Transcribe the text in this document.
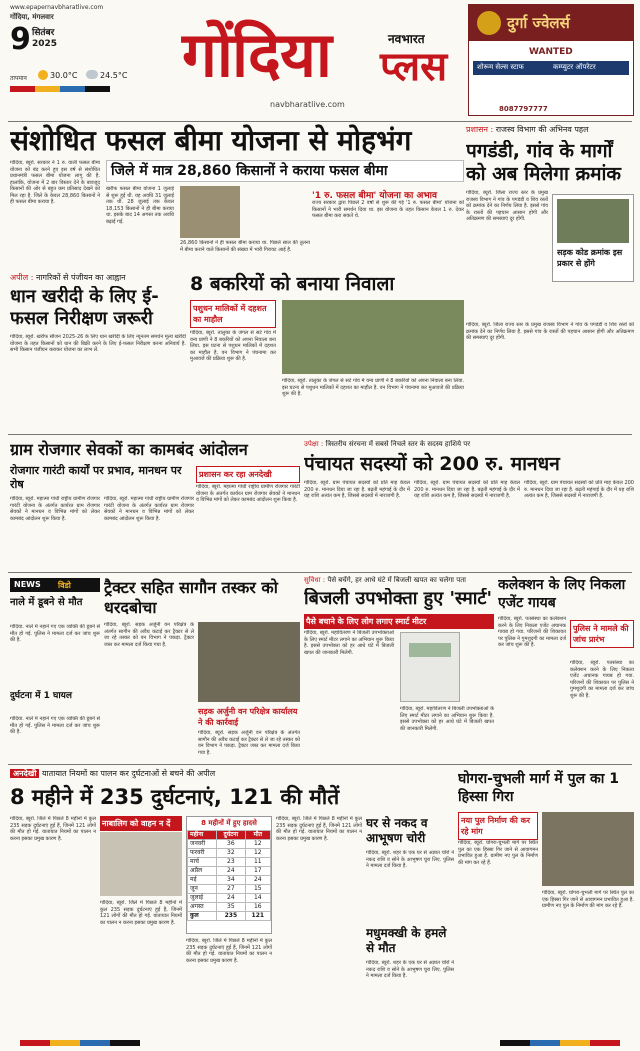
www.epapernavbharatlive.com
गोंदिया, मंगलवार
9 सितंबर 2025
तापमान	30.0°C	24.5°C गोंदिया	नवभारत
प्लस
navbharatlive.com
दुर्गा ज्वेलर्स
WANTED
शोरूम सेल्स स्टाफ	कम्प्युटर ऑपरेटर
8087797777
संशोधित फसल बीमा योजना से मोहभंग
गोंदिया, ब्यूरो. सरकार ने 1 रु. वाली फसल बीमा योजना को बंद करने हुए इस वर्ष से संशोधित प्रधानमंत्री फसल बीमा योजना लागू की है. हालांकि, योजना में 2 बार विस्तार देने के बावजूद किसानों की ओर से बहुत कम प्रतिसाद देखने को मिल रहा है. जिले के केवल 28,860 किसानों ने ही फसल बीमा कराया है.
जिले में मात्र 28,860 किसानों ने कराया फसल बीमा
खरीफ फसल बीमा योजना 1 जुलाई से शुरू हुई थी. यह अवधि 31 जुलाई तक थी. 28 जुलाई तक केवल 18,153 किसानों ने ही बीमा कराया था. इसके बाद 14 अगस्त तक अवधि बढ़ाई गई.
26,860 किसानों ने ही फसल बीमा कराया था. पिछले साल की तुलना में बीमा कराने वाले किसानों की संख्या में भारी गिरावट आई है.
'1 रु. फसल बीमा' योजना का अभाव
राज्य सरकार द्वारा पिछले 2 वर्षों से शुरू की गई '1 रु. फसल बीमा' योजना को किसानों ने भारी समर्थन दिया था. इस योजना के तहत किसान केवल 1 रु. देकर फसल बीमा करा सकते थे.
प्रशासन : राजस्व विभाग की अभिनव पहल
पगडंडी, गांव के मार्गों को अब मिलेगा क्रमांक
गोंदिया, ब्यूरो. जिला राज्य स्तर के प्रमुख राजस्व विभाग ने गांव के पगडंडी व शिव रस्तों को क्रमांक देने का निर्णय लिया है. इससे गांव के रास्तों की पहचान आसान होगी और अतिक्रमण की समस्याएं दूर होंगी.
सड़क कोड क्रमांक इस प्रकार से होंगे
अपील : नागरिकों से पंजीयन का आह्वान
धान खरीदी के लिए ई-फसल निरीक्षण जरूरी
गोंदिया, ब्यूरो. खरीफ सीजन 2025-26 के लिए धान खरीदी के लिए न्यूनतम समर्थन मूल्य खरीदी योजना के तहत किसानों को धान की बिक्री करने के लिए ई-फसल निरीक्षण करना अनिवार्य है. सभी किसान पंजीयन कराकर योजना का लाभ लें.
8 बकरियों को बनाया निवाला
पशुधन मालिकों में दहशत का माहौल
गोंदिया, ब्यूरो. तालुका के जंगल से सटे गांव में वन्य प्राणी ने 8 बकरियों को अपना निवाला बना लिया. इस घटना से पशुधन मालिकों में दहशत का माहौल है. वन विभाग ने पंचनामा कर मुआवजे की प्रक्रिया शुरू की है.
गोंदिया, ब्यूरो. तालुका के जंगल से सटे गांव में वन्य प्राणी ने 8 बकरियों को अपना निवाला बना लिया. इस घटना से पशुधन मालिकों में दहशत का माहौल है. वन विभाग ने पंचनामा कर मुआवजे की प्रक्रिया शुरू की है.
गोंदिया, ब्यूरो. जिला राज्य स्तर के प्रमुख राजस्व विभाग ने गांव के पगडंडी व शिव रस्तों को क्रमांक देने का निर्णय लिया है. इससे गांव के रास्तों की पहचान आसान होगी और अतिक्रमण की समस्याएं दूर होंगी.
ग्राम रोजगार सेवकों का कामबंद आंदोलन
रोजगार गारंटी कार्यों पर प्रभाव, मानधन पर रोष
प्रशासन कर रहा अनदेखी
गोंदिया, ब्यूरो. महात्मा गांधी राष्ट्रीय ग्रामीण रोजगार गारंटी योजना के अंतर्गत कार्यरत ग्राम रोजगार सेवकों ने मानधन व विभिन्न मांगों को लेकर कामबंद आंदोलन शुरू किया है.
गोंदिया, ब्यूरो. महात्मा गांधी राष्ट्रीय ग्रामीण रोजगार गारंटी योजना के अंतर्गत कार्यरत ग्राम रोजगार सेवकों ने मानधन व विभिन्न मांगों को लेकर कामबंद आंदोलन शुरू किया है.
गोंदिया, ब्यूरो. महात्मा गांधी राष्ट्रीय ग्रामीण रोजगार गारंटी योजना के अंतर्गत कार्यरत ग्राम रोजगार सेवकों ने मानधन व विभिन्न मांगों को लेकर कामबंद आंदोलन शुरू किया है.
उपेक्षा : त्रिस्तरीय संरचना में सबसे निचले स्तर के सदस्य हाशिये पर
पंचायत सदस्यों को 200 रु. मानधन
गोंदिया, ब्यूरो. ग्राम पंचायत सदस्यों को प्रति माह केवल 200 रु. मानधन दिया जा रहा है. बढ़ती महंगाई के दौर में यह राशि अत्यंत कम है, जिससे सदस्यों में नाराजगी है.
गोंदिया, ब्यूरो. ग्राम पंचायत सदस्यों को प्रति माह केवल 200 रु. मानधन दिया जा रहा है. बढ़ती महंगाई के दौर में यह राशि अत्यंत कम है, जिससे सदस्यों में नाराजगी है.
गोंदिया, ब्यूरो. ग्राम पंचायत सदस्यों को प्रति माह केवल 200 रु. मानधन दिया जा रहा है. बढ़ती महंगाई के दौर में यह राशि अत्यंत कम है, जिससे सदस्यों में नाराजगी है.
NEWS विडो
नाले में डूबने से मौत
गोंदिया. नाले में नहाने गए एक व्यक्ति की डूबने से मौत हो गई. पुलिस ने मामला दर्ज कर जांच शुरू की है.
दुर्घटना में 1 घायल
गोंदिया. नाले में नहाने गए एक व्यक्ति की डूबने से मौत हो गई. पुलिस ने मामला दर्ज कर जांच शुरू की है.
ट्रैक्टर सहित सागौन तस्कर को धरदबोचा
गोंदिया, ब्यूरो. सड़क अर्जुनी वन परिक्षेत्र के अंतर्गत सागौन की अवैध कटाई कर ट्रैक्टर से ले जा रहे तस्कर को वन विभाग ने पकड़ा. ट्रैक्टर जब्त कर मामला दर्ज किया गया है.
सड़क अर्जुनी वन परिक्षेत्र कार्यालय ने की कार्रवाई
गोंदिया, ब्यूरो. सड़क अर्जुनी वन परिक्षेत्र के अंतर्गत सागौन की अवैध कटाई कर ट्रैक्टर से ले जा रहे तस्कर को वन विभाग ने पकड़ा. ट्रैक्टर जब्त कर मामला दर्ज किया गया है.
सुविधा : पैसे बचेंगे, हर आधे घंटे में बिजली खपत का चलेगा पता
बिजली उपभोक्ता हुए 'स्मार्ट'
पैसे बचाने के लिए लोग लगाए स्मार्ट मीटर
गोंदिया, ब्यूरो. महावितरण ने बिजली उपभोक्ताओं के लिए स्मार्ट मीटर लगाने का अभियान शुरू किया है. इससे उपभोक्ता को हर आधे घंटे में बिजली खपत की जानकारी मिलेगी.
गोंदिया, ब्यूरो. महावितरण ने बिजली उपभोक्ताओं के लिए स्मार्ट मीटर लगाने का अभियान शुरू किया है. इससे उपभोक्ता को हर आधे घंटे में बिजली खपत की जानकारी मिलेगी.
कलेक्शन के लिए निकला एजेंट गायब
गोंदिया, ब्यूरो. पतसंस्था का कलेक्शन करने के लिए निकला एजेंट अचानक गायब हो गया. परिजनों की शिकायत पर पुलिस ने गुमशुदगी का मामला दर्ज कर जांच शुरू की है.
पुलिस ने मामले की जांच प्रारंभ
गोंदिया, ब्यूरो. पतसंस्था का कलेक्शन करने के लिए निकला एजेंट अचानक गायब हो गया. परिजनों की शिकायत पर पुलिस ने गुमशुदगी का मामला दर्ज कर जांच शुरू की है.
अनदेखी यातायात नियमों का पालन कर दुर्घटनाओं से बचने की अपील
8 महीने में 235 दुर्घटनाएं, 121 की मौतें
गोंदिया, ब्यूरो. जिले में पिछले 8 महीनों में कुल 235 सड़क दुर्घटनाएं हुई हैं, जिनमें 121 लोगों की मौत हो गई. यातायात नियमों का पालन न करना इसका प्रमुख कारण है.
नाबालिग को वाहन न दें
गोंदिया, ब्यूरो. जिले में पिछले 8 महीनों में कुल 235 सड़क दुर्घटनाएं हुई हैं, जिनमें 121 लोगों की मौत हो गई. यातायात नियमों का पालन न करना इसका प्रमुख कारण है.
8 महीनों में हुए हादसे
महीना	दुर्घटना	मौत
जनवरी	36	12
फरवरी	32	12
मार्च	23	11
अप्रैल	24	17
मई	34	24
जून	27	15
जुलाई	24	14
अगस्त	35	16
कुल	235	121
गोंदिया, ब्यूरो. जिले में पिछले 8 महीनों में कुल 235 सड़क दुर्घटनाएं हुई हैं, जिनमें 121 लोगों की मौत हो गई. यातायात नियमों का पालन न करना इसका प्रमुख कारण है.
गोंदिया, ब्यूरो. जिले में पिछले 8 महीनों में कुल 235 सड़क दुर्घटनाएं हुई हैं, जिनमें 121 लोगों की मौत हो गई. यातायात नियमों का पालन न करना इसका प्रमुख कारण है.
घर से नकद व आभूषण चोरी
गोंदिया, ब्यूरो. शहर के एक घर से अज्ञात चोरों ने नकद राशि व सोने के आभूषण चुरा लिए. पुलिस ने मामला दर्ज किया है.
मधुमक्खी के हमले से मौत
गोंदिया, ब्यूरो. शहर के एक घर से अज्ञात चोरों ने नकद राशि व सोने के आभूषण चुरा लिए. पुलिस ने मामला दर्ज किया है.
घोगरा-चुभली मार्ग में पुल का 1 हिस्सा गिरा
नया पुल निर्माण की कर रहे मांग
गोंदिया, ब्यूरो. घोगरा-चुभली मार्ग पर स्थित पुल का एक हिस्सा गिर जाने से आवागमन प्रभावित हुआ है. ग्रामीण नए पुल के निर्माण की मांग कर रहे हैं.
गोंदिया, ब्यूरो. घोगरा-चुभली मार्ग पर स्थित पुल का एक हिस्सा गिर जाने से आवागमन प्रभावित हुआ है. ग्रामीण नए पुल के निर्माण की मांग कर रहे हैं.
